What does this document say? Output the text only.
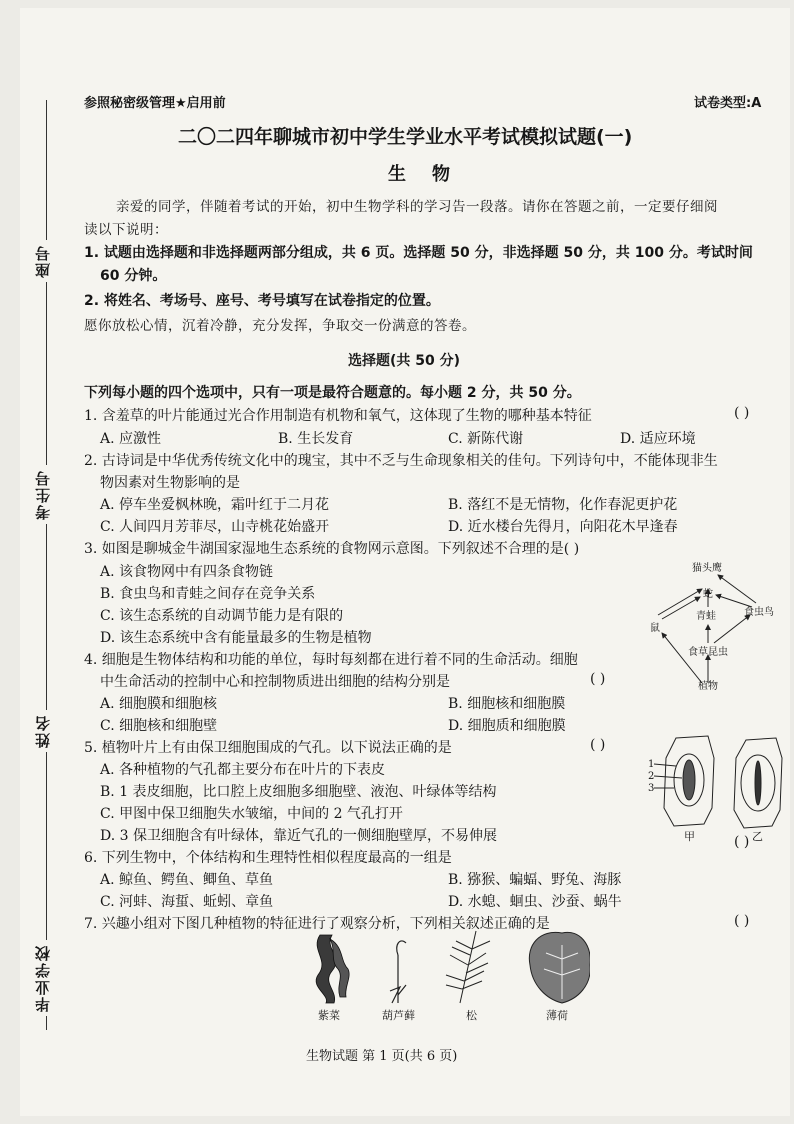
座号
考生号
姓名
毕业学校
参照秘密级管理★启用前	试卷类型:A
二〇二四年聊城市初中学生学业水平考试模拟试题(一)
生物
亲爱的同学，伴随着考试的开始，初中生物学科的学习告一段落。请你在答题之前，一定要仔细阅
读以下说明：
1. 试题由选择题和非选择题两部分组成，共 6 页。选择题 50 分，非选择题 50 分，共 100 分。考试时间
60 分钟。
2. 将姓名、考场号、座号、考号填写在试卷指定的位置。
愿你放松心情，沉着冷静，充分发挥，争取交一份满意的答卷。
选择题(共 50 分)
下列每小题的四个选项中，只有一项是最符合题意的。每小题 2 分，共 50 分。
1. 含羞草的叶片能通过光合作用制造有机物和氧气，这体现了生物的哪种基本特征	( )
A. 应激性	B. 生长发育	C. 新陈代谢	D. 适应环境
2. 古诗词是中华优秀传统文化中的瑰宝，其中不乏与生命现象相关的佳句。下列诗句中，不能体现非生
物因素对生物影响的是
A. 停车坐爱枫林晚，霜叶红于二月花	B. 落红不是无情物，化作春泥更护花
C. 人间四月芳菲尽，山寺桃花始盛开	D. 近水楼台先得月，向阳花木早逢春
3. 如图是聊城金牛湖国家湿地生态系统的食物网示意图。下列叙述不合理的是( )
A. 该食物网中有四条食物链
B. 食虫鸟和青蛙之间存在竞争关系
C. 该生态系统的自动调节能力是有限的
D. 该生态系统中含有能量最多的生物是植物
猫头鹰
蛇
青蛙	食虫鸟
鼠
食草昆虫
植物
4. 细胞是生物体结构和功能的单位，每时每刻都在进行着不同的生命活动。细胞
中生命活动的控制中心和控制物质进出细胞的结构分别是	( )
A. 细胞膜和细胞核	B. 细胞核和细胞膜
C. 细胞核和细胞壁	D. 细胞质和细胞膜
5. 植物叶片上有由保卫细胞围成的气孔。以下说法正确的是	( )
A. 各种植物的气孔都主要分布在叶片的下表皮
B. 1 表皮细胞，比口腔上皮细胞多细胞壁、液泡、叶绿体等结构
C. 甲图中保卫细胞失水皱缩，中间的 2 气孔打开
D. 3 保卫细胞含有叶绿体，靠近气孔的一侧细胞壁厚，不易伸展
1
2
3
甲	乙
( )
6. 下列生物中，个体结构和生理特性相似程度最高的一组是
A. 鲸鱼、鳄鱼、鲫鱼、草鱼	B. 猕猴、蝙蝠、野兔、海豚
C. 河蚌、海蜇、蚯蚓、章鱼	D. 水螅、蛔虫、沙蚕、蜗牛
7. 兴趣小组对下图几种植物的特征进行了观察分析，下列相关叙述正确的是	( )
紫菜	葫芦藓	松	薄荷
生物试题 第 1 页(共 6 页)
